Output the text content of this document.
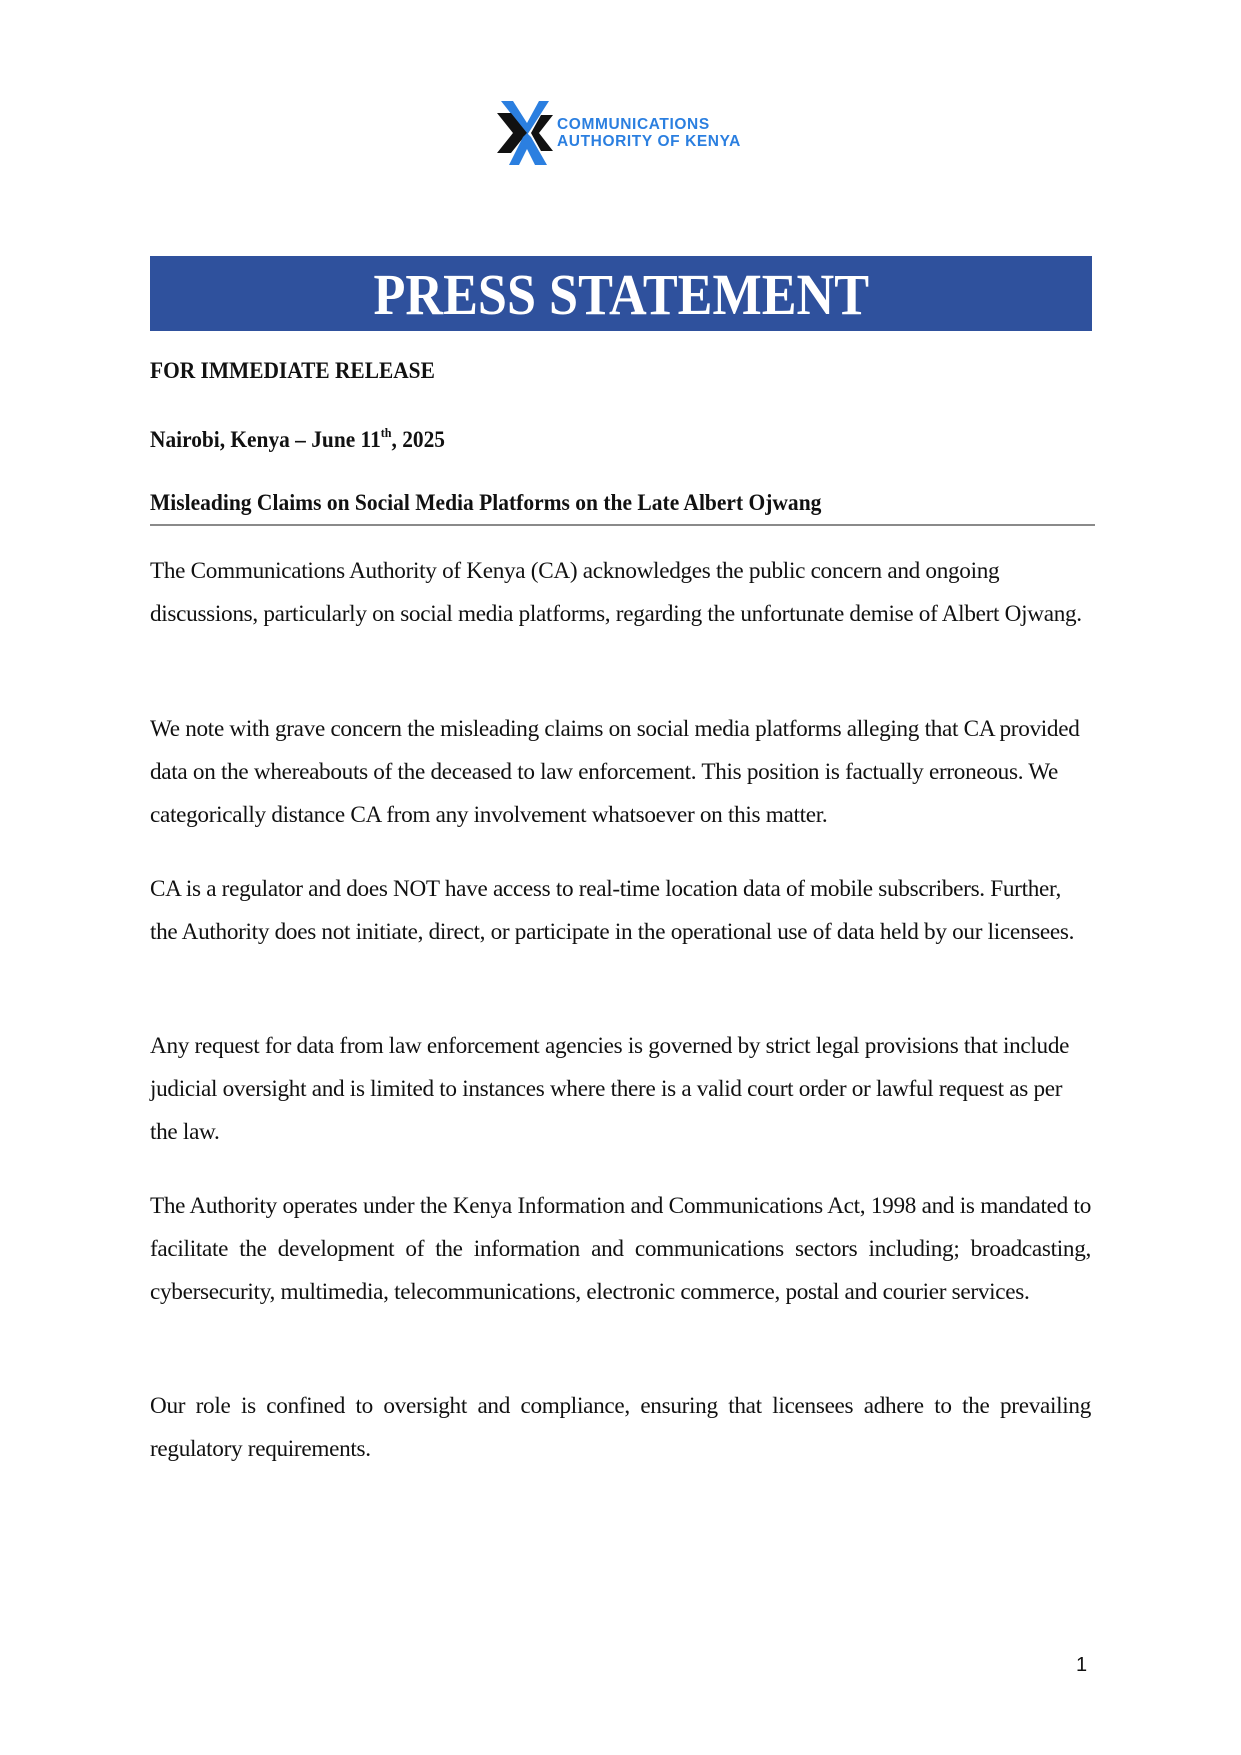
COMMUNICATIONS
AUTHORITY OF KENYA
PRESS STATEMENT
FOR IMMEDIATE RELEASE
Nairobi, Kenya – June 11th, 2025
Misleading Claims on Social Media Platforms on the Late Albert Ojwang

The Communications Authority of Kenya (CA) acknowledges the public concern and ongoing discussions, particularly on social media platforms, regarding the unfortunate demise of Albert Ojwang.

We note with grave concern the misleading claims on social media platforms alleging that CA provided data on the whereabouts of the deceased to law enforcement. This position is factually erroneous. We categorically distance CA from any involvement whatsoever on this matter.

CA is a regulator and does NOT have access to real-time location data of mobile subscribers. Further, the Authority does not initiate, direct, or participate in the operational use of data held by our licensees.

Any request for data from law enforcement agencies is governed by strict legal provisions that include judicial oversight and is limited to instances where there is a valid court order or lawful request as per the law.

The Authority operates under the Kenya Information and Communications Act, 1998 and is mandated to facilitate the development of the information and communications sectors including; broadcasting, cybersecurity, multimedia, telecommunications, electronic commerce, postal and courier services.

Our role is confined to oversight and compliance, ensuring that licensees adhere to the prevailing regulatory requirements.

1
